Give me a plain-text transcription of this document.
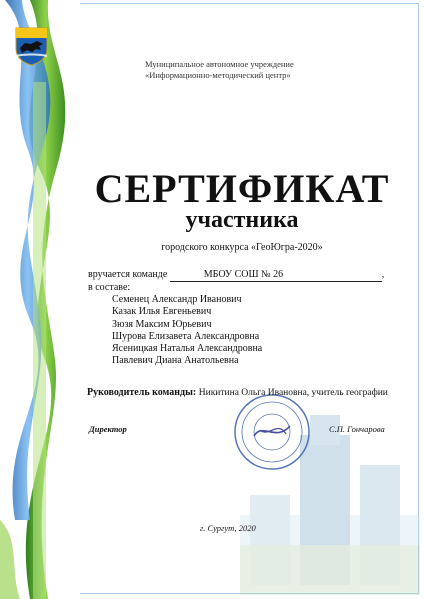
Муниципальное автономное учреждение
«Информационно-методический центр»
СЕРТИФИКАТ
участника
городского конкурса «ГеоЮгра-2020»
вручается команде	МБОУ СОШ № 26	,
в составе:
Семенец Александр Иванович
Казак Илья Евгеньевич
Зюзя Максим Юрьевич
Шурова Елизавета Александровна
Ясеницкая Наталья Александровна
Павлевич Диана Анатольевна
Руководитель команды: Никитина Ольга Ивановна, учитель географии
Директор	С.П. Гончарова
г. Сургут, 2020
